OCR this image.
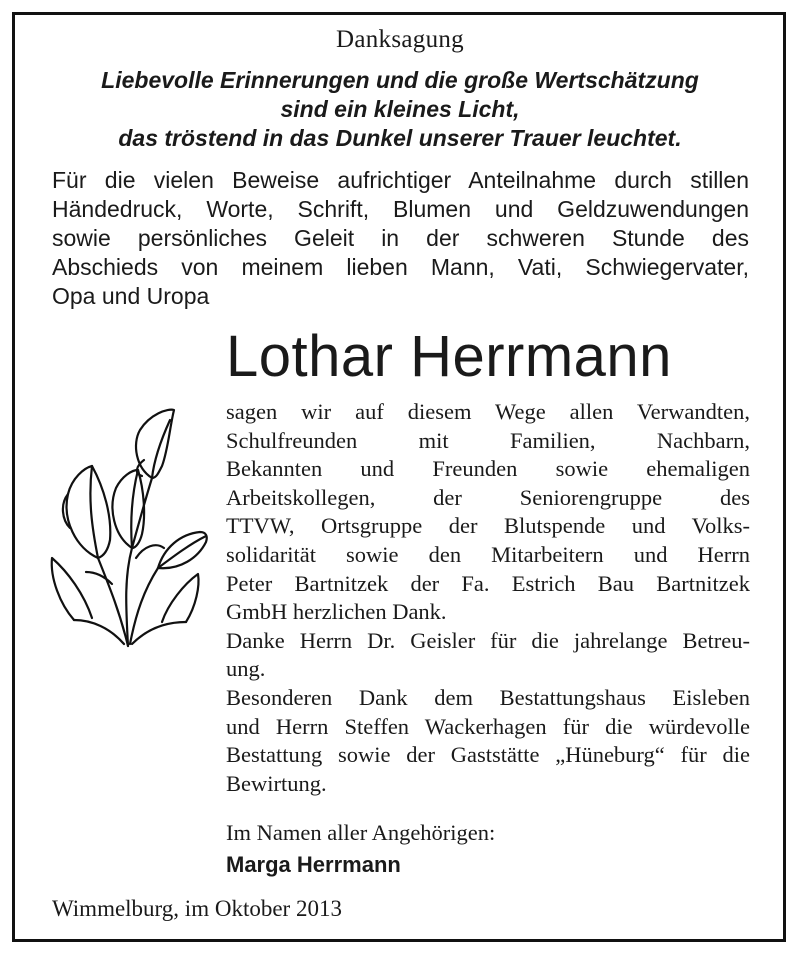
Danksagung
Liebevolle Erinnerungen und die große Wertschätzung
sind ein kleines Licht,
das tröstend in das Dunkel unserer Trauer leuchtet.
Für die vielen Beweise aufrichtiger Anteilnahme durch stillen
Händedruck, Worte, Schrift, Blumen und Geldzuwendungen
sowie persönliches Geleit in der schweren Stunde des
Abschieds von meinem lieben Mann, Vati, Schwiegervater,
Opa und Uropa
Lothar Herrmann
sagen wir auf diesem Wege allen Verwandten,
Schulfreunden mit Familien, Nachbarn,
Bekannten und Freunden sowie ehemaligen
Arbeitskollegen, der Seniorengruppe des
TTVW, Ortsgruppe der Blutspende und Volks-
solidarität sowie den Mitarbeitern und Herrn
Peter Bartnitzek der Fa. Estrich Bau Bartnitzek
GmbH herzlichen Dank.
Danke Herrn Dr. Geisler für die jahrelange Betreu-
ung.
Besonderen Dank dem Bestattungshaus Eisleben
und Herrn Steffen Wackerhagen für die würdevolle
Bestattung sowie der Gaststätte „Hüneburg“ für die
Bewirtung.
Im Namen aller Angehörigen:
Marga Herrmann
Wimmelburg, im Oktober 2013
